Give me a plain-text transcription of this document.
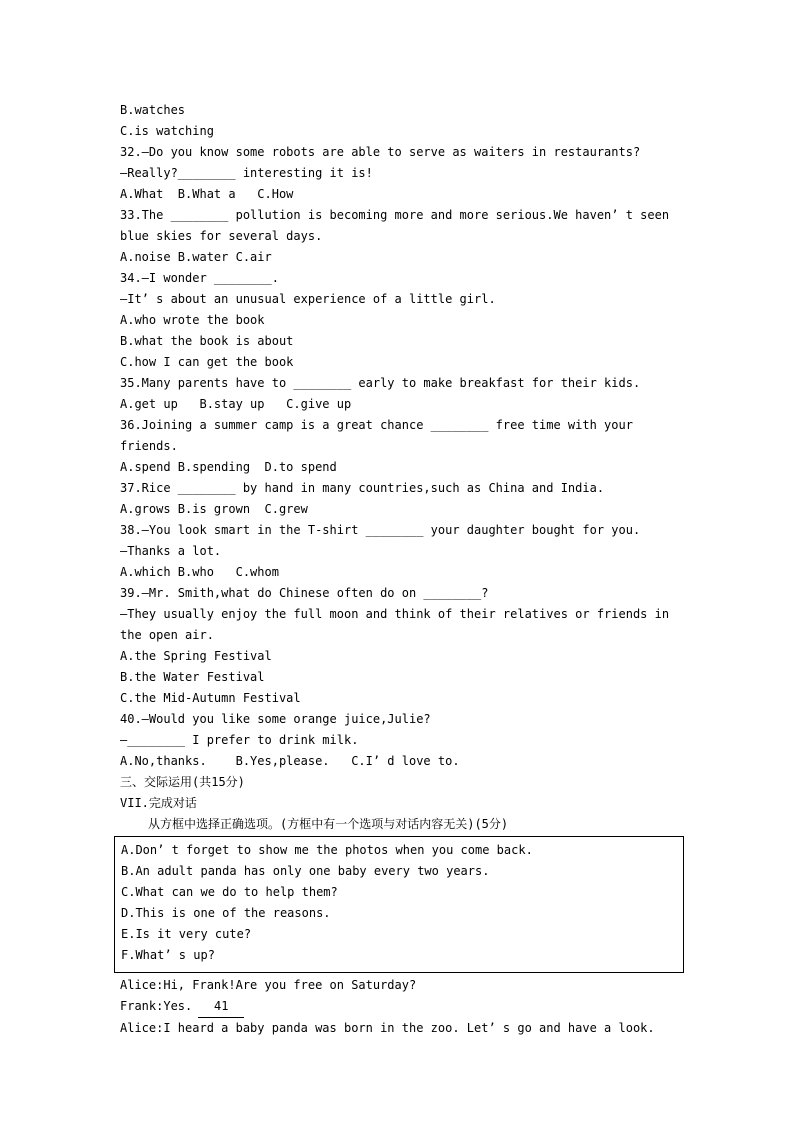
B.watches
C.is watching
32.—Do you know some robots are able to serve as waiters in restaurants?
—Really?________ interesting it is!
A.What  B.What a   C.How
33.The ________ pollution is becoming more and more serious.We haven’ t seen
blue skies for several days.
A.noise B.water C.air
34.—I wonder ________.
—It’ s about an unusual experience of a little girl.
A.who wrote the book
B.what the book is about
C.how I can get the book
35.Many parents have to ________ early to make breakfast for their kids.
A.get up   B.stay up   C.give up
36.Joining a summer camp is a great chance ________ free time with your
friends.
A.spend B.spending  D.to spend
37.Rice ________ by hand in many countries,such as China and India.
A.grows B.is grown  C.grew
38.—You look smart in the T-shirt ________ your daughter bought for you.
—Thanks a lot.
A.which B.who   C.whom
39.—Mr. Smith,what do Chinese often do on ________?
—They usually enjoy the full moon and think of their relatives or friends in
the open air.
A.the Spring Festival
B.the Water Festival
C.the Mid-Autumn Festival
40.—Would you like some orange juice,Julie?
—________ I prefer to drink milk.
A.No,thanks.    B.Yes,please.   C.I’ d love to.
三、交际运用(共15分)
VII.完成对话
从方框中选择正确选项。(方框中有一个选项与对话内容无关)(5分)
A.Don’ t forget to show me the photos when you come back.
B.An adult panda has only one baby every two years.
C.What can we do to help them?
D.This is one of the reasons.
E.Is it very cute?
F.What’ s up?
Alice:Hi, Frank!Are you free on Saturday?
Frank:Yes. 41
Alice:I heard a baby panda was born in the zoo. Let’ s go and have a look.
